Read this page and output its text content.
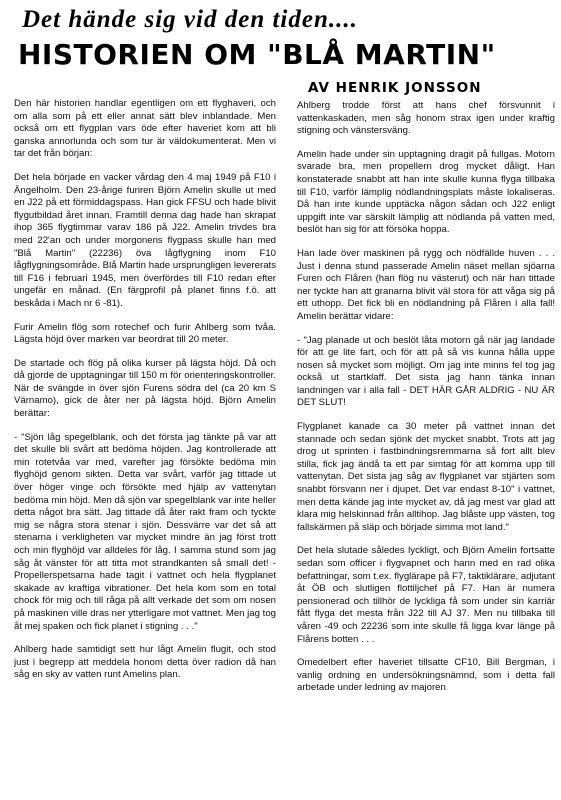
Det hände sig vid den tiden....
HISTORIEN OM "BLÅ MARTIN"
AV HENRIK JONSSON

Den här historien handlar egentligen om ett flyghaveri, och om alla som på ett eller annat sätt blev inblandade. Men också om ett flygplan vars öde efter haveriet kom att bli ganska annorlunda och som tur är väldokumenterat. Men vi tar det från början:

Det hela började en vacker vårdag den 4 maj 1949 på F10 i Ängelholm. Den 23-årige furiren Björn Amelin skulle ut med en J22 på ett förmiddagspass. Han gick FFSU och hade blivit flygutbildad året innan. Framtill denna dag hade han skrapat ihop 365 flygtimmar varav 186 på J22. Amelin trivdes bra med 22'an och under morgonens flygpass skulle han med "Blå Martin" (22236) öva lågflygning inom F10 lågflygningsområde. Blå Martin hade ursprungligen levererats till F16 i februari 1945, men överfördes till F10 redan efter ungefär en månad. (En färgprofil på planet finns f.ö. att beskåda i Mach nr 6 -81).

Furir Amelin flög som rotechef och furir Ahlberg som tvåa. Lägsta höjd över marken var beordrat till 20 meter.

De startade och flög på olika kurser på lägsta höjd. Då och då gjorde de upptagningar till 150 m för orienteringskontroller. När de svängde in över sjön Furens södra del (ca 20 km S Värnamo), gick de åter ner på lägsta höjd. Björn Amelin berättar:

- "Sjön låg spegelblank, och det första jag tänkte på var att det skulle bli svårt att bedöma höjden. Jag kontrollerade att min rotetvåa var med, varefter jag försökte bedöma min flyghöjd genom sikten. Detta var svårt, varför jag tittade ut över höger vinge och försökte med hjälp av vattenytan bedöma min höjd. Men då sjön var spegelblank var inte heller detta något bra sätt. Jag tittade då åter rakt fram och tyckte mig se några stora stenar i sjön. Dessvärre var det så att stenarna i verkligheten var mycket mindre än jag först trott och min flyghöjd var alldeles för låg. I samma stund som jag såg åt vänster för att titta mot strandkanten så small det! - Propellerspetsarna hade tagit i vattnet och hela flygplanet skakade av kraftiga vibrationer. Det hela kom som en total chock för mig och till råga på allt verkade det som om nosen på maskinen ville dras ner ytterligare mot vattnet. Men jag tog åt mej spaken och fick planet i stigning . . ."

Ahlberg hade samtidigt sett hur lågt Amelin flugit, och stod just i begrepp att meddela honom detta över radion då han såg en sky av vatten runt Amelins plan.

Ahlberg trodde först att hans chef försvunnit i vattenkaskaden, men såg honom strax igen under kraftig stigning och vänstersväng.

Amelin hade under sin upptagning dragit på fullgas. Motorn svarade bra, men propellern drog mycket dåligt. Han konstaterade snabbt att han inte skulle kunna flyga tillbaka till F10, varför lämplig nödlandningsplats måste lokaliseras. Då han inte kunde upptäcka någon sådan och J22 enligt uppgift inte var särskilt lämplig att nödlanda på vatten med, beslöt han sig för att försöka hoppa.

Han lade över maskinen på rygg och nödfällde huven . . . Just i denna stund passerade Amelin näset mellan sjöarna Furen och Flåren (han flög nu västerut) och när han tittade ner tyckte han att granarna blivit väl stora för att våga sig på ett uthopp. Det fick bli en nödlandning på Flåren i alla fall! Amelin berättar vidare:

- "Jag planade ut och beslöt låta motorn gå när jag landade för att ge lite fart, och för att på så vis kunna hålla uppe nosen så mycket som möjligt. Om jag inte minns fel tog jag också ut startklaff. Det sista jag hann tänka innan landningen var i alla fall - DET HÄR GÅR ALDRIG - NU ÄR DET SLUT!

Flygplanet kanade ca 30 meter på vattnet innan det stannade och sedan sjönk det mycket snabbt. Trots att jag drog ut sprinten i fastbindningsremmarna så fort allt blev stilla, fick jag ändå ta ett par simtag för att komma upp till vattenytan. Det sista jag såg av flygplanet var stjärten som snabbt försvann ner i djupet. Det var endast 8-10" i vattnet, men detta kände jag inte mycket av, då jag mest var glad att klara mig helskinnad från alltihop. Jag blåste upp västen, tog fallskärmen på släp och började simma mot land."

Det hela slutade således lyckligt, och Björn Amelin fortsatte sedan som officer i flygvapnet och hann med en rad olika befattningar, som t.ex. flygläraре på F7, taktiklärare, adjutant åt ÖB och slutligen flottiljchef på F7. Han är numera pensionerad och tillhör de lyckliga få som under sin karriär fått flyga det mesta från J22 till AJ 37. Men nu tillbaka till våren -49 och 22236 som inte skulle få ligga kvar länge på Flårens botten . . .

Omedelbert efter haveriet tillsatte CF10, Bill Bergman, i vanlig ordning en undersökningsnämnd, som i detta fall arbetade under ledning av majoren
